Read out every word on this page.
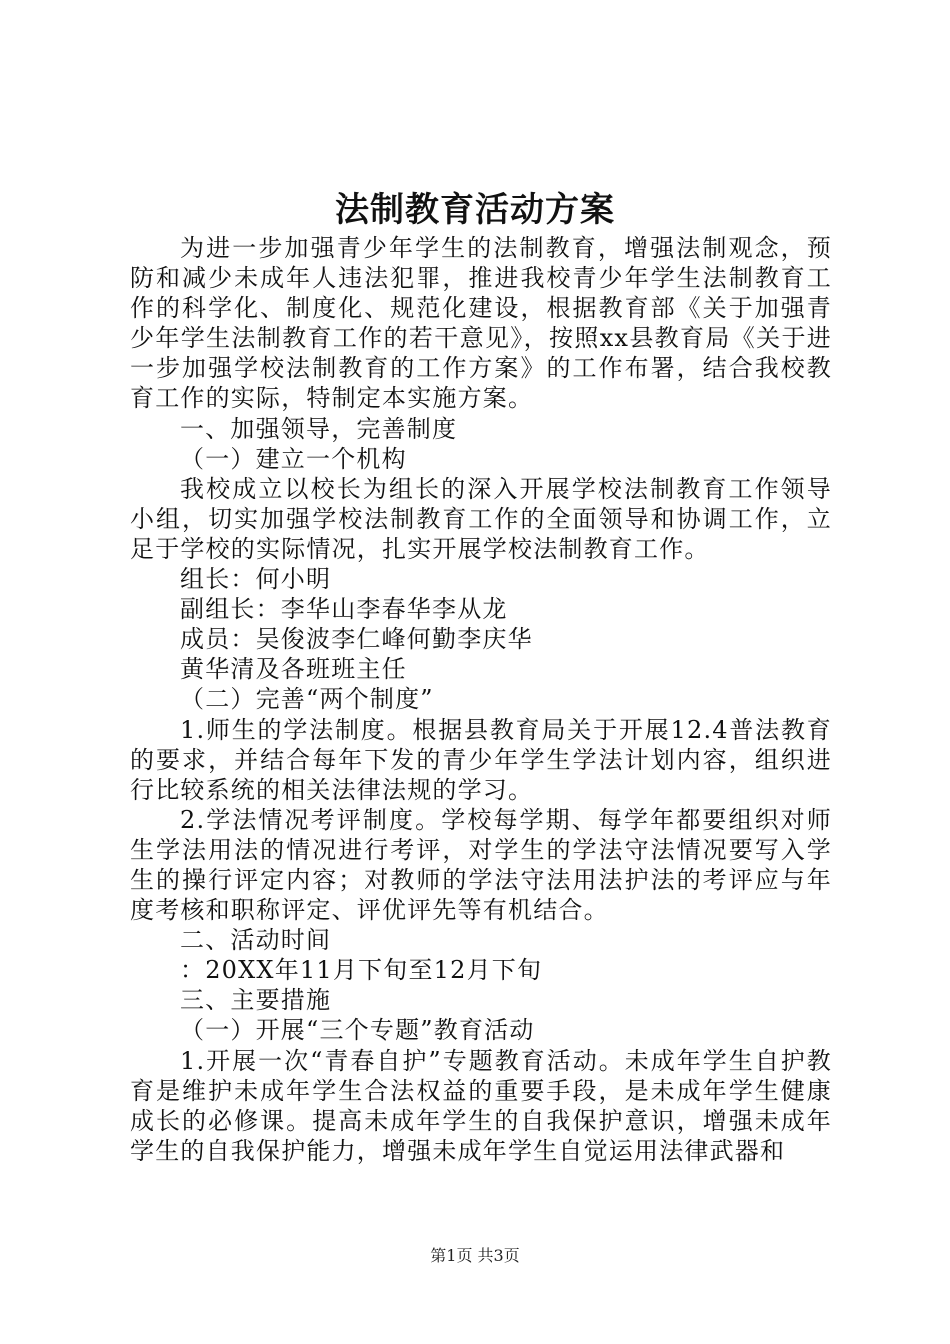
法制教育活动方案

为进一步加强青少年学生的法制教育，增强法制观念，预防和减少未成年人违法犯罪，推进我校青少年学生法制教育工作的科学化、制度化、规范化建设，根据教育部《关于加强青少年学生法制教育工作的若干意见》，按照xx县教育局《关于进一步加强学校法制教育的工作方案》的工作布署，结合我校教育工作的实际，特制定本实施方案。

一、加强领导，完善制度

（一）建立一个机构

我校成立以校长为组长的深入开展学校法制教育工作领导小组，切实加强学校法制教育工作的全面领导和协调工作，立足于学校的实际情况，扎实开展学校法制教育工作。

组长：何小明

副组长：李华山李春华李从龙

成员：吴俊波李仁峰何勤李庆华

黄华清及各班班主任

（二）完善“两个制度”

1.师生的学法制度。根据县教育局关于开展12.4普法教育的要求，并结合每年下发的青少年学生学法计划内容，组织进行比较系统的相关法律法规的学习。

2.学法情况考评制度。学校每学期、每学年都要组织对师生学法用法的情况进行考评，对学生的学法守法情况要写入学生的操行评定内容；对教师的学法守法用法护法的考评应与年度考核和职称评定、评优评先等有机结合。

二、活动时间

：20XX年11月下旬至12月下旬

三、主要措施

（一）开展“三个专题”教育活动

1.开展一次“青春自护”专题教育活动。未成年学生自护教育是维护未成年学生合法权益的重要手段，是未成年学生健康成长的必修课。提高未成年学生的自我保护意识，增强未成年学生的自我保护能力，增强未成年学生自觉运用法律武器和

第1页 共3页
